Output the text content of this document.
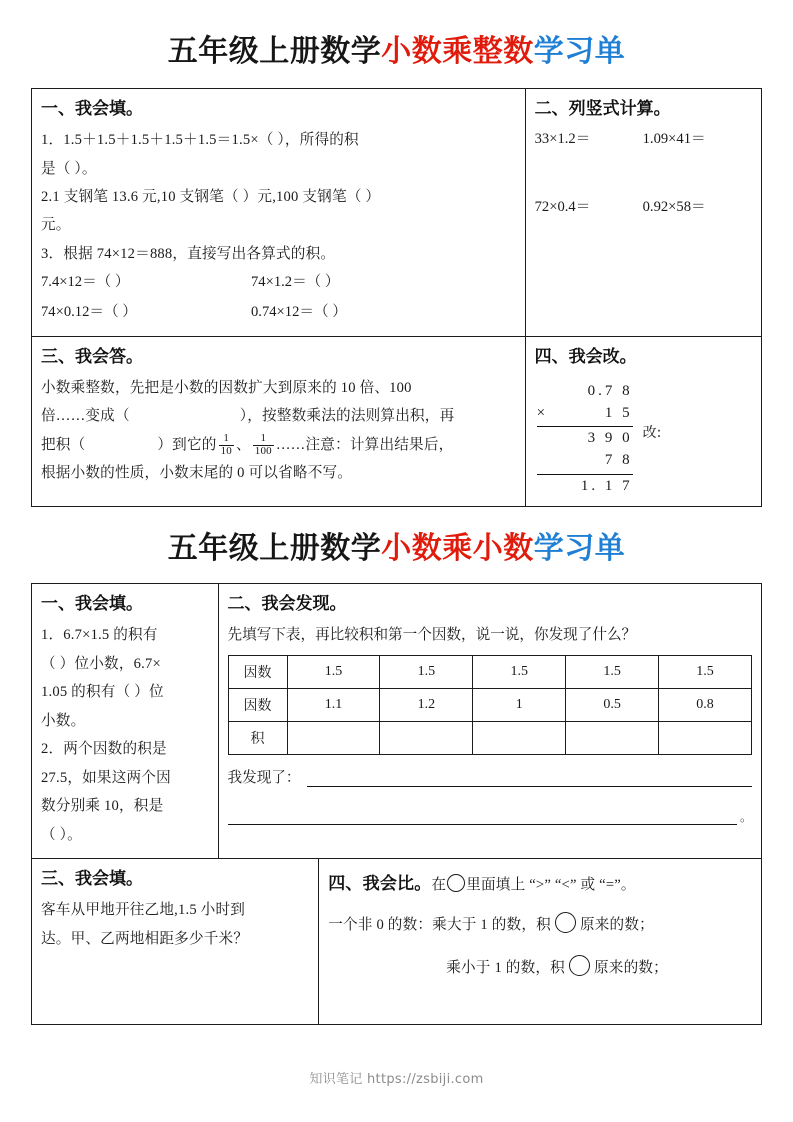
五年级上册数学小数乘整数学习单
一、我会填。

1．1.5＋1.5＋1.5＋1.5＋1.5＝1.5×（ ），所得的积

是（ ）。

2.1 支钢笔 13.6 元,10 支钢笔（ ）元,100 支钢笔（ ）

元。

3．根据 74×12＝888，直接写出各算式的积。

7.4×12＝（ ）	74×1.2＝（ ）
74×0.12＝（ ）	0.74×12＝（ ）
二、列竖式计算。
33×1.2＝	1.09×41＝
72×0.4＝	0.92×58＝
三、我会答。

小数乘整数，先把是小数的因数扩大到原来的 10 倍、100

倍……变成（	），按整数乘法的法则算出积，再

把积（	）到它的 $\frac{1}{10}$ 、 $\frac{1}{100}$ ……注意：计算出结果后，

根据小数的性质，小数末尾的 0 可以省略不写。

四、我会改。
0.7 8
×	1 5
3 9 0
7 8
1. 1 7
改:
五年级上册数学小数乘小数学习单
一、我会填。

1．6.7×1.5 的积有

（ ）位小数，6.7×

1.05 的积有（ ）位

小数。

2．两个因数的积是

27.5，如果这两个因

数分别乘 10，积是

（ ）。

二、我会发现。

先填写下表，再比较积和第一个因数，说一说，你发现了什么？

因数	1.5	1.5	1.5	1.5	1.5
因数	1.1	1.2	1	0.5	0.8
积					
我发现了：
。
三、我会填。

客车从甲地开往乙地,1.5 小时到

达。甲、乙两地相距多少千米？

四、我会比。在 里面填上 “>” “<” 或 “=”。

一个非 0 的数：乘大于 1 的数，积 原来的数；

乘小于 1 的数，积 原来的数；

知识笔记 https://zsbiji.com
